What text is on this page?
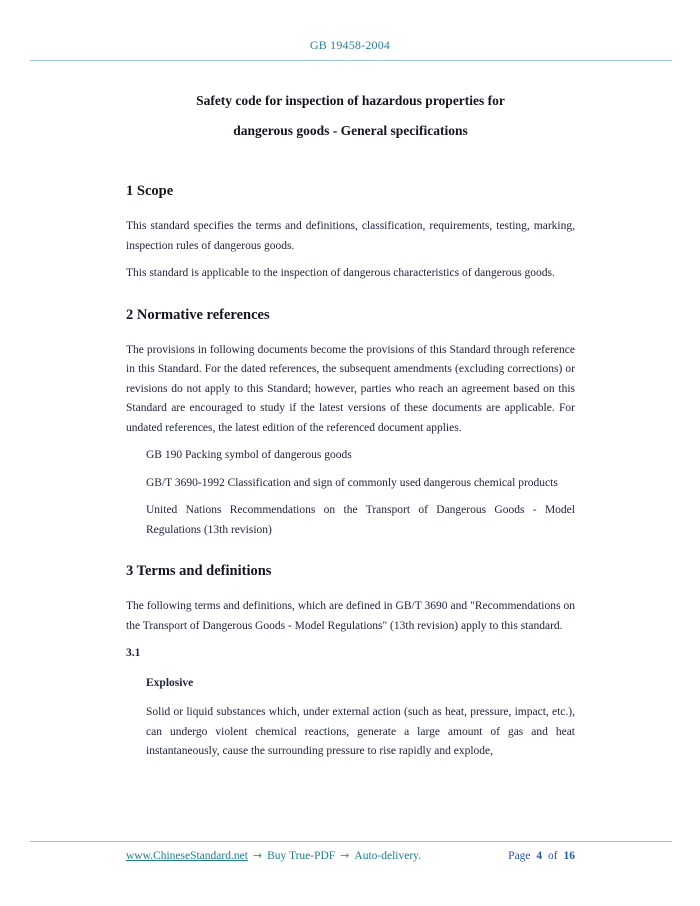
GB 19458-2004
Safety code for inspection of hazardous properties for
dangerous goods - General specifications
1 Scope

This standard specifies the terms and definitions, classification, requirements, testing, marking, inspection rules of dangerous goods.

This standard is applicable to the inspection of dangerous characteristics of dangerous goods.

2 Normative references

The provisions in following documents become the provisions of this Standard through reference in this Standard. For the dated references, the subsequent amendments (excluding corrections) or revisions do not apply to this Standard; however, parties who reach an agreement based on this Standard are encouraged to study if the latest versions of these documents are applicable. For undated references, the latest edition of the referenced document applies.

GB 190 Packing symbol of dangerous goods

GB/T 3690-1992 Classification and sign of commonly used dangerous chemical products

United Nations Recommendations on the Transport of Dangerous Goods - Model Regulations (13th revision)

3 Terms and definitions

The following terms and definitions, which are defined in GB/T 3690 and "Recommendations on the Transport of Dangerous Goods - Model Regulations" (13th revision) apply to this standard.

3.1
Explosive

Solid or liquid substances which, under external action (such as heat, pressure, impact, etc.), can undergo violent chemical reactions, generate a large amount of gas and heat instantaneously, cause the surrounding pressure to rise rapidly and explode,

www.ChineseStandard.net → Buy True-PDF → Auto-delivery.	Page 4 of 16
